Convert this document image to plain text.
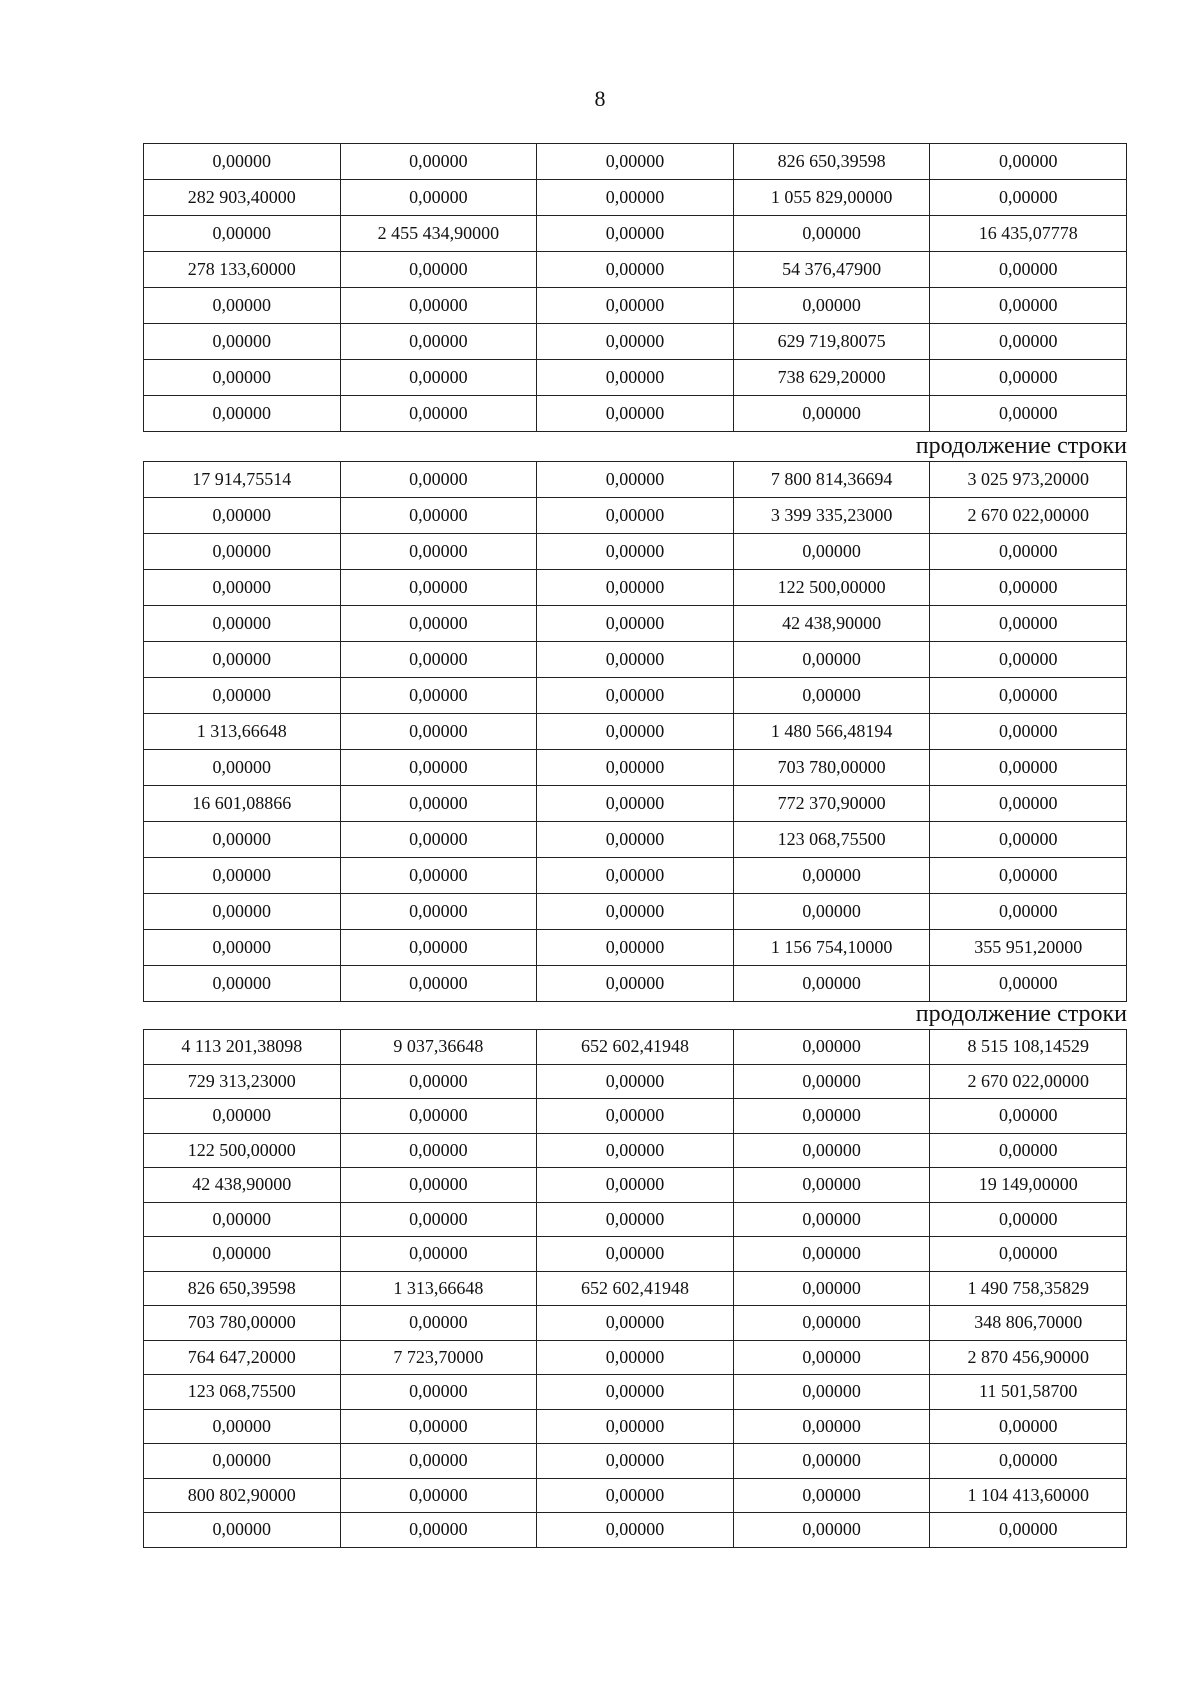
8
0,00000	0,00000	0,00000	826 650,39598	0,00000
282 903,40000	0,00000	0,00000	1 055 829,00000	0,00000
0,00000	2 455 434,90000	0,00000	0,00000	16 435,07778
278 133,60000	0,00000	0,00000	54 376,47900	0,00000
0,00000	0,00000	0,00000	0,00000	0,00000
0,00000	0,00000	0,00000	629 719,80075	0,00000
0,00000	0,00000	0,00000	738 629,20000	0,00000
0,00000	0,00000	0,00000	0,00000	0,00000
продолжение строки
17 914,75514	0,00000	0,00000	7 800 814,36694	3 025 973,20000
0,00000	0,00000	0,00000	3 399 335,23000	2 670 022,00000
0,00000	0,00000	0,00000	0,00000	0,00000
0,00000	0,00000	0,00000	122 500,00000	0,00000
0,00000	0,00000	0,00000	42 438,90000	0,00000
0,00000	0,00000	0,00000	0,00000	0,00000
0,00000	0,00000	0,00000	0,00000	0,00000
1 313,66648	0,00000	0,00000	1 480 566,48194	0,00000
0,00000	0,00000	0,00000	703 780,00000	0,00000
16 601,08866	0,00000	0,00000	772 370,90000	0,00000
0,00000	0,00000	0,00000	123 068,75500	0,00000
0,00000	0,00000	0,00000	0,00000	0,00000
0,00000	0,00000	0,00000	0,00000	0,00000
0,00000	0,00000	0,00000	1 156 754,10000	355 951,20000
0,00000	0,00000	0,00000	0,00000	0,00000
продолжение строки
4 113 201,38098	9 037,36648	652 602,41948	0,00000	8 515 108,14529
729 313,23000	0,00000	0,00000	0,00000	2 670 022,00000
0,00000	0,00000	0,00000	0,00000	0,00000
122 500,00000	0,00000	0,00000	0,00000	0,00000
42 438,90000	0,00000	0,00000	0,00000	19 149,00000
0,00000	0,00000	0,00000	0,00000	0,00000
0,00000	0,00000	0,00000	0,00000	0,00000
826 650,39598	1 313,66648	652 602,41948	0,00000	1 490 758,35829
703 780,00000	0,00000	0,00000	0,00000	348 806,70000
764 647,20000	7 723,70000	0,00000	0,00000	2 870 456,90000
123 068,75500	0,00000	0,00000	0,00000	11 501,58700
0,00000	0,00000	0,00000	0,00000	0,00000
0,00000	0,00000	0,00000	0,00000	0,00000
800 802,90000	0,00000	0,00000	0,00000	1 104 413,60000
0,00000	0,00000	0,00000	0,00000	0,00000
